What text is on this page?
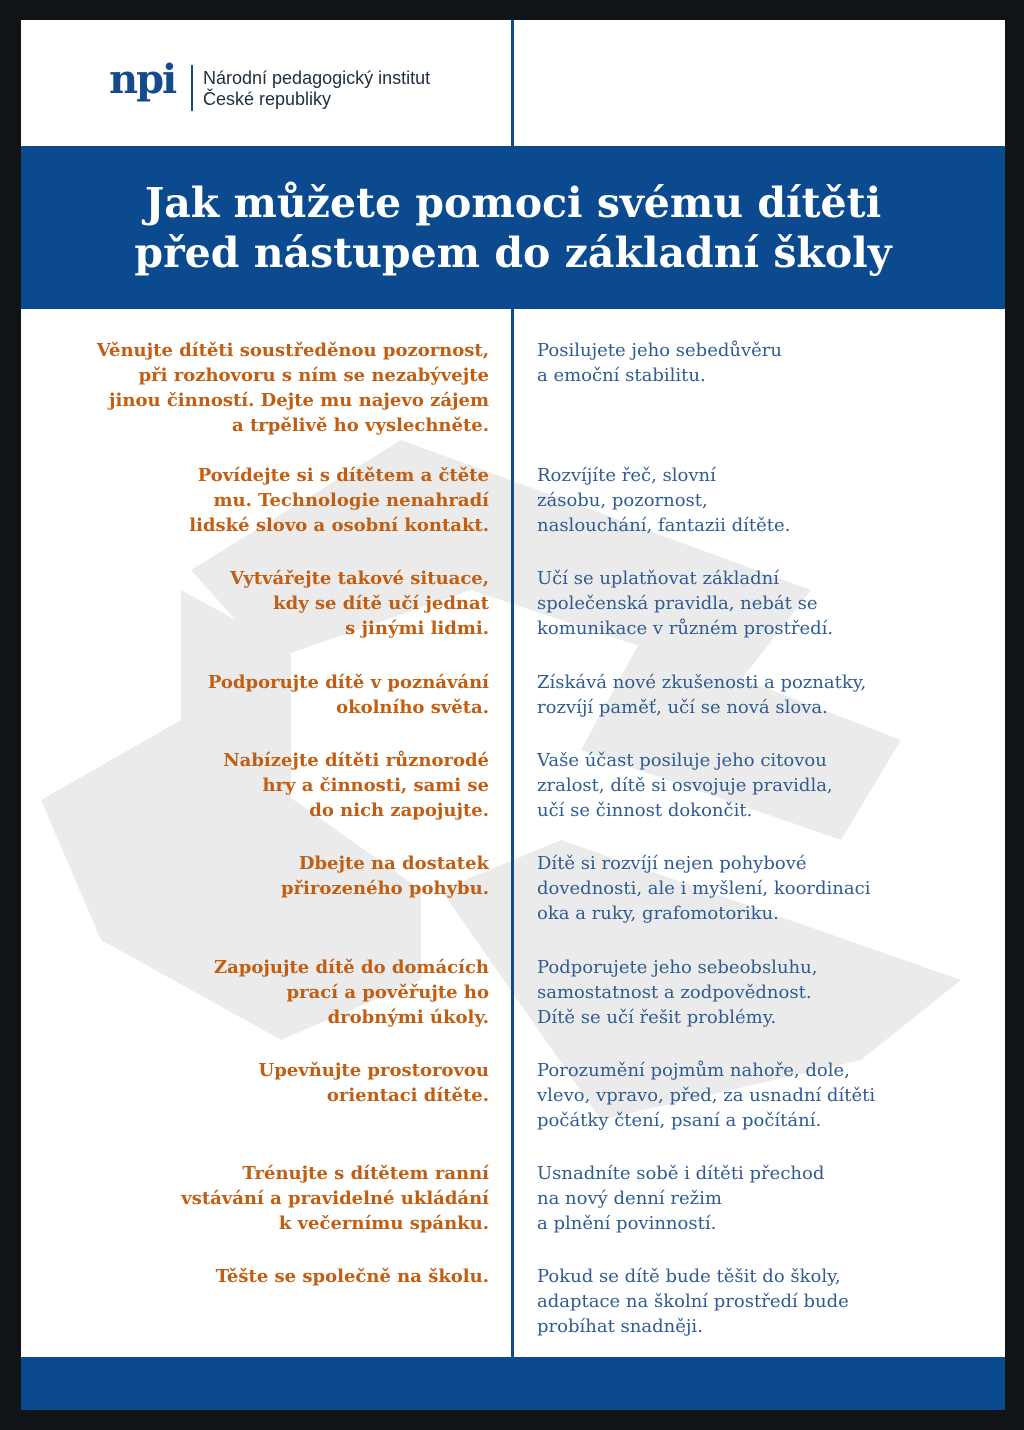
npi Národní pedagogický institut
České republiky
Jak můžete pomoci svému dítěti
před nástupem do základní školy
Věnujte dítěti soustředěnou pozornost,
při rozhovoru s ním se nezabývejte
jinou činností. Dejte mu najevo zájem
a trpělivě ho vyslechněte.
Posilujete jeho sebedůvěru
a emoční stabilitu.
Povídejte si s dítětem a čtěte
mu. Technologie nenahradí
lidské slovo a osobní kontakt.
Rozvíjíte řeč, slovní
zásobu, pozornost,
naslouchání, fantazii dítěte.
Vytvářejte takové situace,
kdy se dítě učí jednat
s jinými lidmi.
Učí se uplatňovat základní
společenská pravidla, nebát se
komunikace v různém prostředí.
Podporujte dítě v poznávání
okolního světa.
Získává nové zkušenosti a poznatky,
rozvíjí paměť, učí se nová slova.
Nabízejte dítěti různorodé
hry a činnosti, sami se
do nich zapojujte.
Vaše účast posiluje jeho citovou
zralost, dítě si osvojuje pravidla,
učí se činnost dokončit.
Dbejte na dostatek
přirozeného pohybu.
Dítě si rozvíjí nejen pohybové
dovednosti, ale i myšlení, koordinaci
oka a ruky, grafomotoriku.
Zapojujte dítě do domácích
prací a pověřujte ho
drobnými úkoly.
Podporujete jeho sebeobsluhu,
samostatnost a zodpovědnost.
Dítě se učí řešit problémy.
Upevňujte prostorovou
orientaci dítěte.
Porozumění pojmům nahoře, dole,
vlevo, vpravo, před, za usnadní dítěti
počátky čtení, psaní a počítání.
Trénujte s dítětem ranní
vstávání a pravidelné ukládání
k večernímu spánku.
Usnadníte sobě i dítěti přechod
na nový denní režim
a plnění povinností.
Těšte se společně na školu.	Pokud se dítě bude těšit do školy,
adaptace na školní prostředí bude
probíhat snadněji.
